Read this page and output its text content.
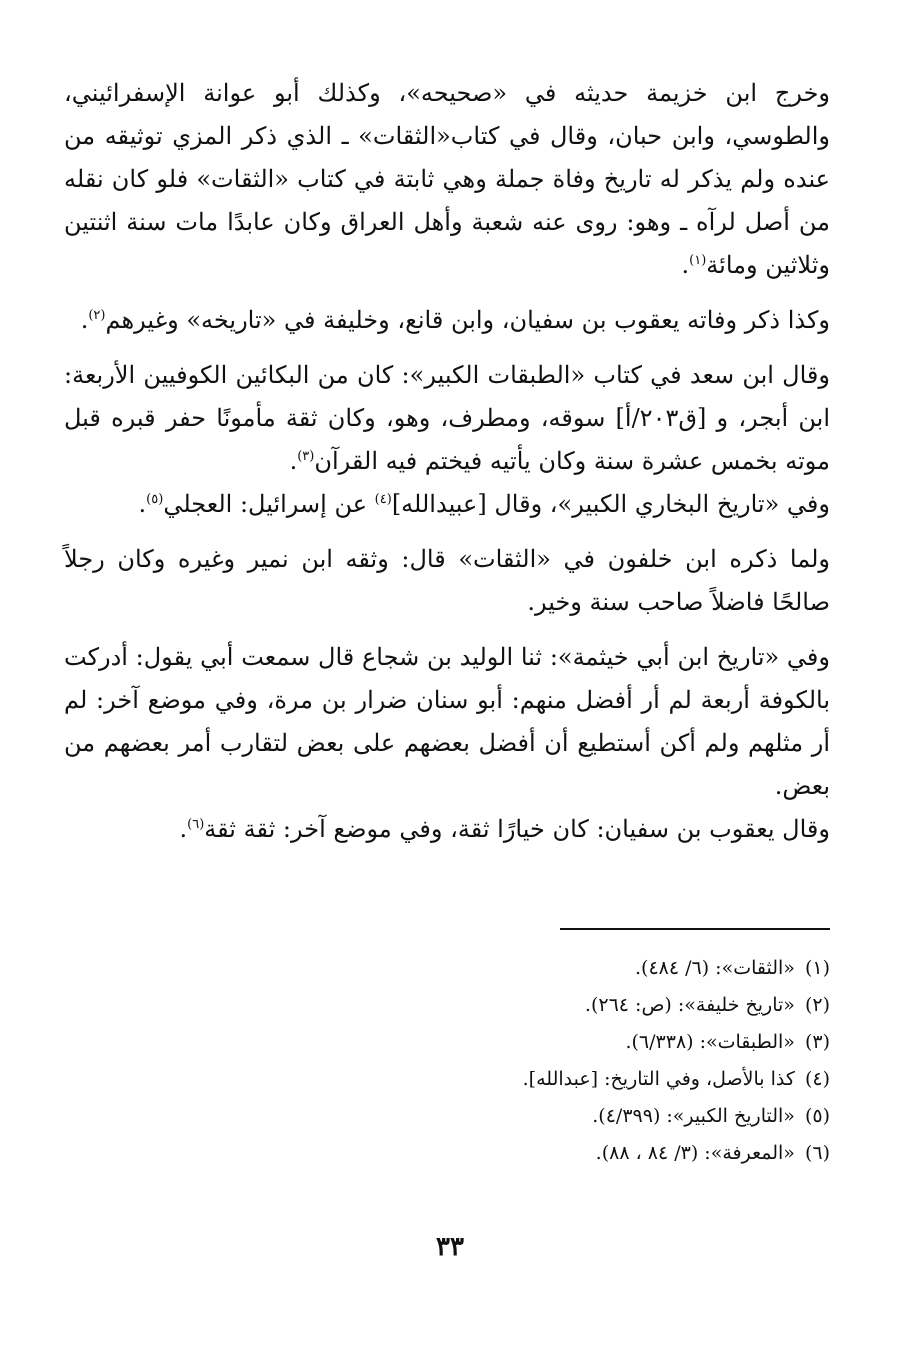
وخرج ابن خزيمة حديثه في «صحيحه»، وكذلك أبو عوانة الإسفرائيني، والطوسي، وابن حبان، وقال في كتاب«الثقات» ـ الذي ذكر المزي توثيقه من عنده ولم يذكر له تاريخ وفاة جملة وهي ثابتة في كتاب «الثقات» فلو كان نقله من أصل لرآه ـ وهو: روى عنه شعبة وأهل العراق وكان عابدًا مات سنة اثنتين وثلاثين ومائة$^{(١)}$.

وكذا ذكر وفاته يعقوب بن سفيان، وابن قانع، وخليفة في «تاريخه» وغيرهم$^{(٢)}$.

وقال ابن سعد في كتاب «الطبقات الكبير»: كان من البكائين الكوفيين الأربعة: ابن أبجر، و [ق٢٠٣/أ] سوقه، ومطرف، وهو، وكان ثقة مأمونًا حفر قبره قبل موته بخمس عشرة سنة وكان يأتيه فيختم فيه القرآن$^{(٣)}$.

وفي «تاريخ البخاري الكبير»، وقال [عبيدالله]$^{(٤)}$ عن إسرائيل: العجلي$^{(٥)}$.

ولما ذكره ابن خلفون في «الثقات» قال: وثقه ابن نمير وغيره وكان رجلاً صالحًا فاضلاً صاحب سنة وخير.

وفي «تاريخ ابن أبي خيثمة»: ثنا الوليد بن شجاع قال سمعت أبي يقول: أدركت بالكوفة أربعة لم أر أفضل منهم: أبو سنان ضرار بن مرة، وفي موضع آخر: لم أر مثلهم ولم أكن أستطيع أن أفضل بعضهم على بعض لتقارب أمر بعضهم من بعض.

وقال يعقوب بن سفيان: كان خيارًا ثقة، وفي موضع آخر: ثقة ثقة$^{(٦)}$.

(١)«الثقات»: (٦/ ٤٨٤).
(٢)«تاريخ خليفة»: (ص: ٢٦٤).
(٣)«الطبقات»: (٦/٣٣٨).
(٤)كذا بالأصل، وفي التاريخ: [عبدالله].
(٥)«التاريخ الكبير»: (٤/٣٩٩).
(٦)«المعرفة»: (٣/ ٨٤ ، ٨٨).
٣٣
